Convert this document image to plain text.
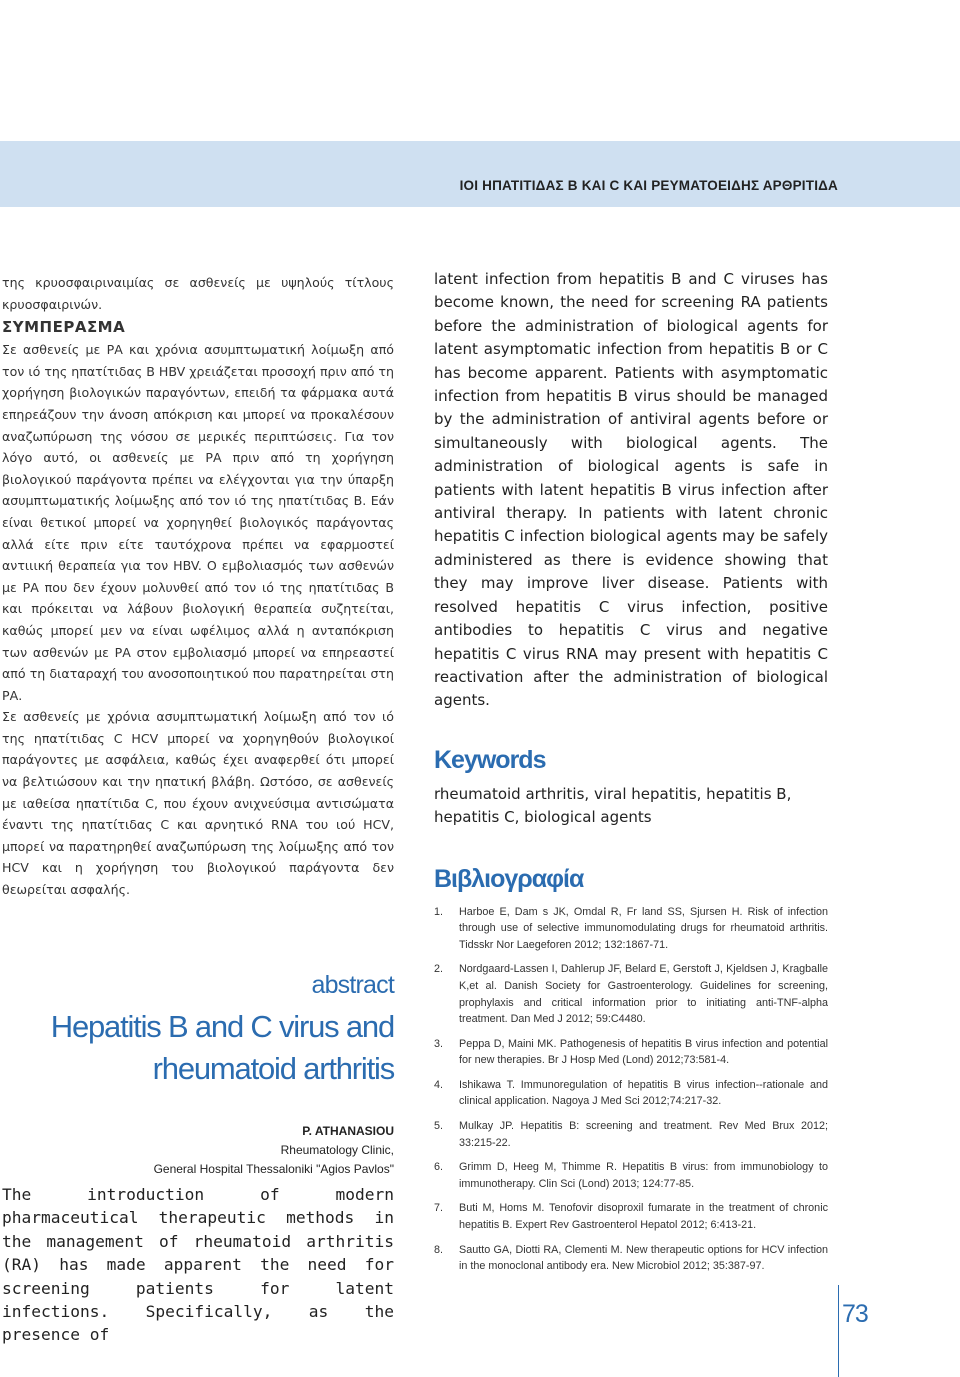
ΙΟΙ ΗΠΑΤΙΤΙΔΑΣ Β ΚΑΙ C ΚΑΙ ΡΕΥΜΑΤΟΕΙΔΗΣ ΑΡΘΡΙΤΙΔΑ

της κρυοσφαιριναιμίας σε ασθενείς με υψηλούς τίτλους κρυοσφαιρινών.

ΣΥΜΠΕΡΑΣΜΑ

Σε ασθενείς με ΡΑ και χρόνια ασυμπτωματική λοίμωξη από τον ιό της ηπατίτιδας Β HBV χρειάζεται προσοχή πριν από τη χορήγηση βιολογικών παραγόντων, επειδή τα φάρμακα αυτά επηρεάζουν την άνοση απόκριση και μπορεί να προκαλέσουν αναζωπύρωση της νόσου σε μερικές περιπτώσεις. Για τον λόγο αυτό, οι ασθενείς με ΡΑ πριν από τη χορήγηση βιολογικού παράγοντα πρέπει να ελέγχονται για την ύπαρξη ασυμπτωματικής λοίμωξης από τον ιό της ηπατίτιδας Β. Εάν είναι θετικοί μπορεί να χορηγηθεί βιολογικός παράγοντας αλλά είτε πριν είτε ταυτόχρονα πρέπει να εφαρμοστεί αντιιική θεραπεία για τον HBV. Ο εμβολιασμός των ασθενών με ΡΑ που δεν έχουν μολυνθεί από τον ιό της ηπατίτιδας Β και πρόκειται να λάβουν βιολογική θεραπεία συζητείται, καθώς μπορεί μεν να είναι ωφέλιμος αλλά η ανταπόκριση των ασθενών με ΡΑ στον εμβολιασμό μπορεί να επηρεαστεί από τη διαταραχή του ανοσοποιητικού που παρατηρείται στη ΡΑ.

Σε ασθενείς με χρόνια ασυμπτωματική λοίμωξη από τον ιό της ηπατίτιδας C HCV μπορεί να χορηγηθούν βιολογικοί παράγοντες με ασφάλεια, καθώς έχει αναφερθεί ότι μπορεί να βελτιώσουν και την ηπατική βλάβη. Ωστόσο, σε ασθενείς με ιαθείσα ηπατίτιδα C, που έχουν ανιχνεύσιμα αντισώματα έναντι της ηπατίτιδας C και αρνητικό RNA του ιού HCV, μπορεί να παρατηρηθεί αναζωπύρωση της λοίμωξης από τον HCV και η χορήγηση του βιολογικού παράγοντα δεν θεωρείται ασφαλής.

abstract
Hepatitis B and C virus and rheumatoid arthritis
P. ATHANASIOU
Rheumatology Clinic,
General Hospital Thessaloniki "Agios Pavlos"

The introduction of modern pharmaceutical therapeutic methods in the management of rheumatoid arthritis (RA) has made apparent the need for screening patients for latent infections. Specifically, as the presence of

latent infection from hepatitis B and C viruses has become known, the need for screening RA patients before the administration of biological agents for latent asymptomatic infection from hepatitis B or C has become apparent. Patients with asymptomatic infection from hepatitis B virus should be managed by the administration of antiviral agents before or simultaneously with biological agents. The administration of biological agents is safe in patients with latent hepatitis B virus infection after antiviral therapy. In patients with latent chronic hepatitis C infection biological agents may be safely administered as there is evidence showing that they may improve liver disease. Patients with resolved hepatitis C virus infection, positive antibodies to hepatitis C virus and negative hepatitis C virus RNA may present with hepatitis C reactivation after the administration of biological agents.

Keywords

rheumatoid arthritis, viral hepatitis, hepatitis B, hepatitis C, biological agents

Βιβλιογραφία
1. Harboe E, Dam s JK, Omdal R, Fr land SS, Sjursen H. Risk of infection through use of selective immunomodulating drugs for rheumatoid arthritis. Tidsskr Nor Laegeforen 2012; 132:1867-71.
2. Nordgaard-Lassen I, Dahlerup JF, Belard E, Gerstoft J, Kjeldsen J, Kragballe K,et al. Danish Society for Gastroenterology. Guidelines for screening, prophylaxis and critical information prior to initiating anti-TNF-alpha treatment. Dan Med J 2012; 59:C4480.
3. Peppa D, Maini MK. Pathogenesis of hepatitis B virus infection and potential for new therapies. Br J Hosp Med (Lond) 2012;73:581-4.
4. Ishikawa T. Immunoregulation of hepatitis B virus infection--rationale and clinical application. Nagoya J Med Sci 2012;74:217-32.
5. Mulkay JP. Hepatitis B: screening and treatment. Rev Med Brux 2012; 33:215-22.
6. Grimm D, Heeg M, Thimme R. Hepatitis B virus: from immunobiology to immunotherapy. Clin Sci (Lond) 2013; 124:77-85.
7. Buti M, Homs M. Tenofovir disoproxil fumarate in the treatment of chronic hepatitis B. Expert Rev Gastroenterol Hepatol 2012; 6:413-21.
8. Sautto GA, Diotti RA, Clementi M. New therapeutic options for HCV infection in the monoclonal antibody era. New Microbiol 2012; 35:387-97.
73
